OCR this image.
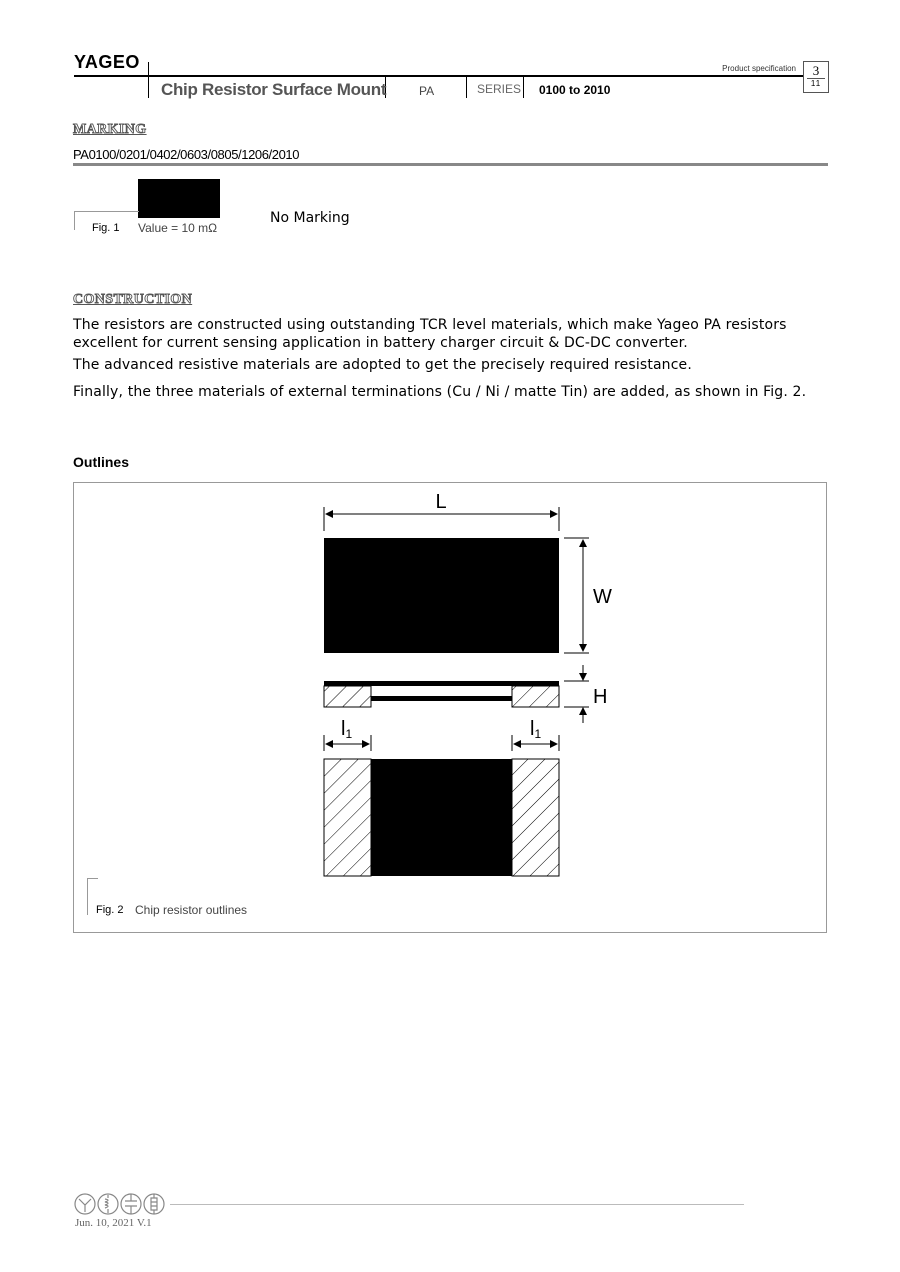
YAGEO	Product specification	3
11
Chip Resistor Surface Mount	PA	SERIES 0100 to 2010
MARKING
PA0100/0201/0402/0603/0805/1206/2010
Fig. 1 Value = 10 mΩ
No Marking
CONSTRUCTION
The resistors are constructed using outstanding TCR level materials, which make Yageo PA resistors excellent for current sensing application in battery charger circuit & DC-DC converter.
The advanced resistive materials are adopted to get the precisely required resistance.
Finally, the three materials of external terminations (Cu / Ni / matte Tin) are added, as shown in Fig. 2.
Outlines
L
W
H
l1	l1
Fig. 2 Chip resistor outlines
Jun. 10, 2021 V.1
